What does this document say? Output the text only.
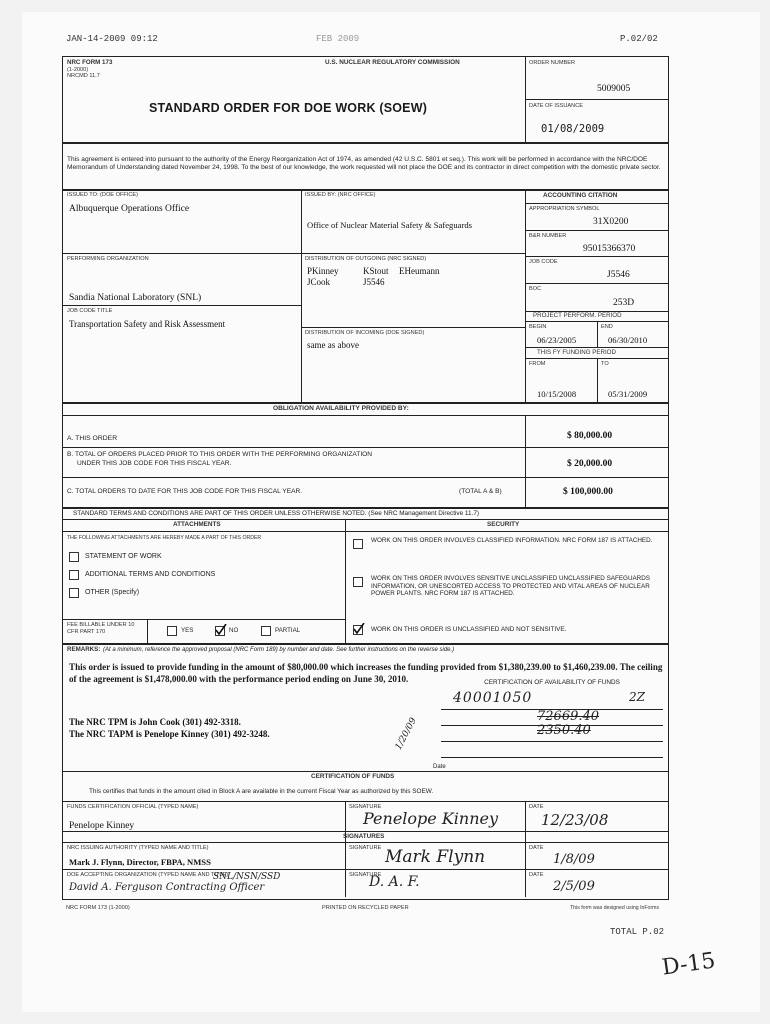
JAN-14-2009 09:12	FEB 2009	P.02/02
NRC FORM 173
(1-2000)
NRCMD 11.7
U.S. NUCLEAR REGULATORY COMMISSION
STANDARD ORDER FOR DOE WORK (SOEW)
ORDER NUMBER
5009005
DATE OF ISSUANCE
01/08/2009
This agreement is entered into pursuant to the authority of the Energy Reorganization Act of 1974, as amended (42 U.S.C. 5801 et seq.). This work will be performed in accordance with the NRC/DOE Memorandum of Understanding dated November 24, 1998. To the best of our knowledge, the work requested will not place the DOE and its contractor in direct competition with the domestic private sector.
ISSUED TO: (DOE OFFICE)
Albuquerque Operations Office
ISSUED BY: (NRC OFFICE)
Office of Nuclear Material Safety & Safeguards
PERFORMING ORGANIZATION
Sandia National Laboratory (SNL)
DISTRIBUTION OF OUTGOING (NRC SIGNED)
PKinney	KStout EHeumann
JCook	J5546
JOB CODE TITLE
Transportation Safety and Risk Assessment
DISTRIBUTION OF INCOMING (DOE SIGNED)
same as above
ACCOUNTING CITATION
APPROPRIATION SYMBOL
31X0200
B&R NUMBER
95015366370
JOB CODE
J5546
BOC
253D
PROJECT PERFORM. PERIOD
BEGIN	END
06/23/2005	06/30/2010
THIS FY FUNDING PERIOD
FROM	TO
10/15/2008	05/31/2009
OBLIGATION AVAILABILITY PROVIDED BY:
A. THIS ORDER	$ 80,000.00
B. TOTAL OF ORDERS PLACED PRIOR TO THIS ORDER WITH THE PERFORMING ORGANIZATION
UNDER THIS JOB CODE FOR THIS FISCAL YEAR.	$ 20,000.00
C. TOTAL ORDERS TO DATE FOR THIS JOB CODE FOR THIS FISCAL YEAR.	(TOTAL A & B)	$ 100,000.00
STANDARD TERMS AND CONDITIONS ARE PART OF THIS ORDER UNLESS OTHERWISE NOTED. (See NRC Management Directive 11.7)
ATTACHMENTS
THE FOLLOWING ATTACHMENTS ARE HEREBY MADE A PART OF THIS ORDER
STATEMENT OF WORK
ADDITIONAL TERMS AND CONDITIONS
OTHER (Specify)
SECURITY
WORK ON THIS ORDER INVOLVES CLASSIFIED INFORMATION. NRC FORM 187 IS ATTACHED.
WORK ON THIS ORDER INVOLVES SENSITIVE UNCLASSIFIED UNCLASSIFIED SAFEGUARDS INFORMATION, OR UNESCORTED ACCESS TO PROTECTED AND VITAL AREAS OF NUCLEAR POWER PLANTS. NRC FORM 187 IS ATTACHED.
WORK ON THIS ORDER IS UNCLASSIFIED AND NOT SENSITIVE.
FEE BILLABLE UNDER 10 CFR PART 170	YES	NO	PARTIAL
REMARKS: (At a minimum, reference the approved proposal (NRC Form 189) by number and date. See further instructions on the reverse side.)
This order is issued to provide funding in the amount of $80,000.00 which increases the funding provided from $1,380,239.00 to $1,460,239.00. The ceiling of the agreement is $1,478,000.00 with the performance period ending on June 30, 2010.
The NRC TPM is John Cook (301) 492-3318.
The NRC TAPM is Penelope Kinney (301) 492-3248.
CERTIFICATION OF AVAILABILITY OF FUNDS
40001050	2Z
72669.40
2350.40
Date
1/20/09
CERTIFICATION OF FUNDS
This certifies that funds in the amount cited in Block A are available in the current Fiscal Year as authorized by this SOEW.
FUNDS CERTIFICATION OFFICIAL (TYPED NAME)
Penelope Kinney
SIGNATURE
Penelope Kinney
DATE
12/23/08
SIGNATURES
NRC ISSUING AUTHORITY (TYPED NAME AND TITLE)
Mark J. Flynn, Director, FBPA, NMSS
SIGNATURE Mark Flynn	DATE
1/8/09
DOE ACCEPTING ORGANIZATION (TYPED NAME AND TITLE)
SNL/NSN/SSD
David A. Ferguson Contracting Officer
SIGNATURE
D. A. F.	DATE
2/5/09
NRC FORM 173 (1-2000)	PRINTED ON RECYCLED PAPER	This form was designed using InForms
TOTAL P.02
D-15
